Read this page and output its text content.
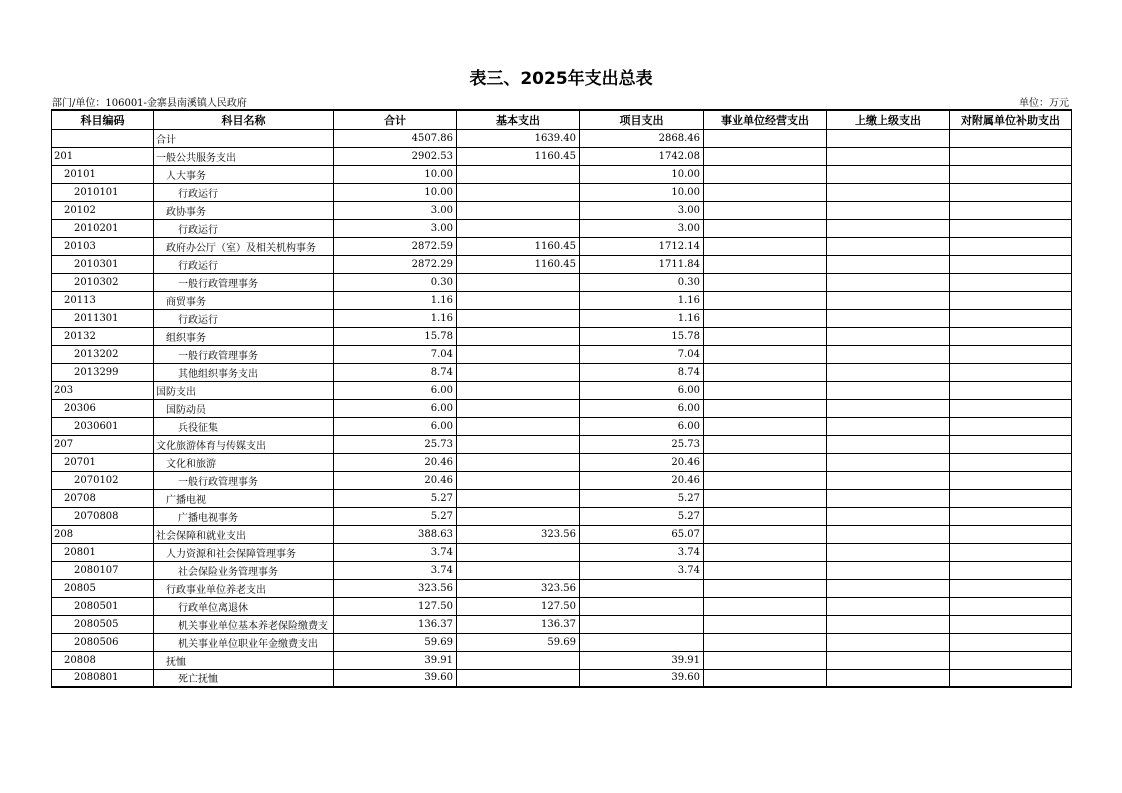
表三、2025年支出总表
部门/单位：106001-金寨县南溪镇人民政府	单位：万元
科目编码	科目名称	合计	基本支出	项目支出	事业单位经营支出	上缴上级支出	对附属单位补助支出
	合计	4507.86	1639.40	2868.46			
201	一般公共服务支出	2902.53	1160.45	1742.08			
20101	人大事务	10.00		10.00			
2010101	行政运行	10.00		10.00			
20102	政协事务	3.00		3.00			
2010201	行政运行	3.00		3.00			
20103	政府办公厅（室）及相关机构事务	2872.59	1160.45	1712.14			
2010301	行政运行	2872.29	1160.45	1711.84			
2010302	一般行政管理事务	0.30		0.30			
20113	商贸事务	1.16		1.16			
2011301	行政运行	1.16		1.16			
20132	组织事务	15.78		15.78			
2013202	一般行政管理事务	7.04		7.04			
2013299	其他组织事务支出	8.74		8.74			
203	国防支出	6.00		6.00			
20306	国防动员	6.00		6.00			
2030601	兵役征集	6.00		6.00			
207	文化旅游体育与传媒支出	25.73		25.73			
20701	文化和旅游	20.46		20.46			
2070102	一般行政管理事务	20.46		20.46			
20708	广播电视	5.27		5.27			
2070808	广播电视事务	5.27		5.27			
208	社会保障和就业支出	388.63	323.56	65.07			
20801	人力资源和社会保障管理事务	3.74		3.74			
2080107	社会保险业务管理事务	3.74		3.74			
20805	行政事业单位养老支出	323.56	323.56				
2080501	行政单位离退休	127.50	127.50				
2080505	机关事业单位基本养老保险缴费支	136.37	136.37				
2080506	机关事业单位职业年金缴费支出	59.69	59.69				
20808	抚恤	39.91		39.91			
2080801	死亡抚恤	39.60		39.60			
